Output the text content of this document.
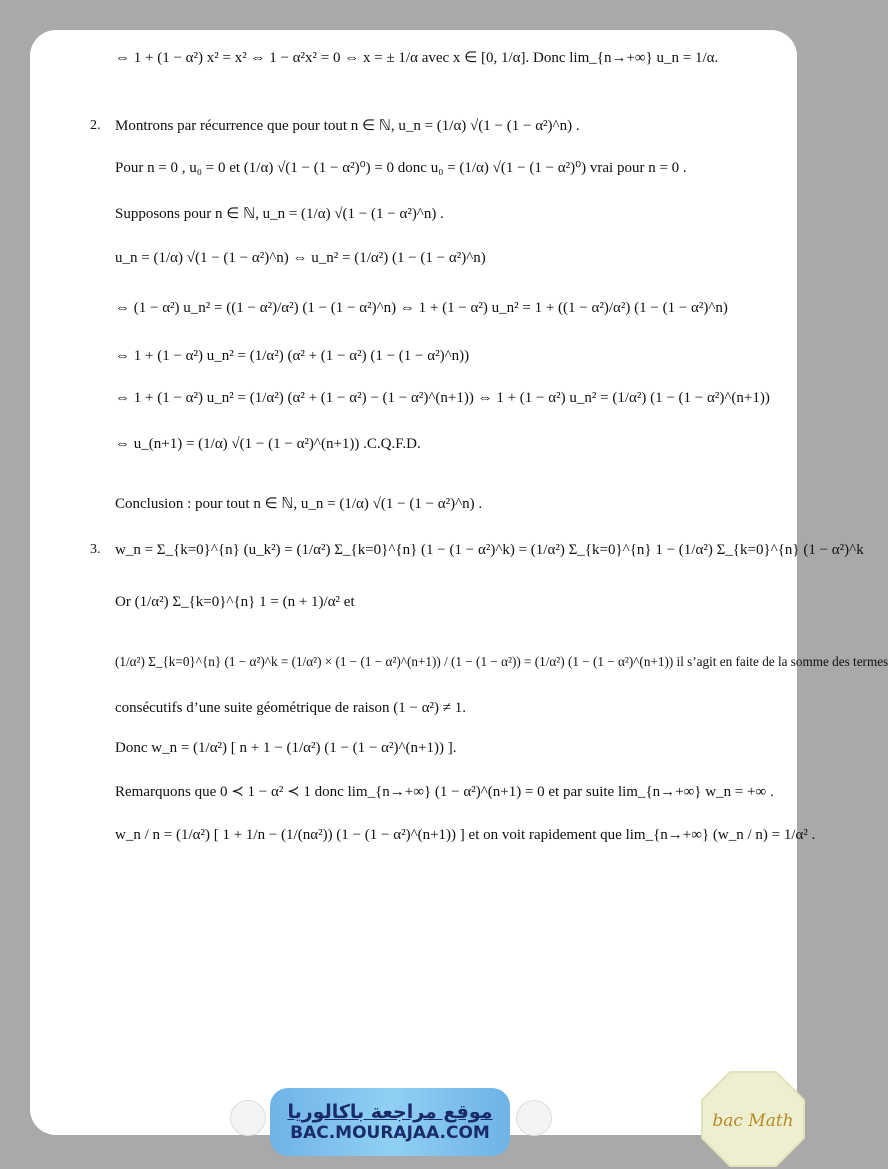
⇔ 1 + (1 − α²) x² = x² ⇔ 1 − α²x² = 0 ⇔ x = ± 1/α avec x ∈ [0, 1/α]. Donc lim_{n→+∞} u_n = 1/α.
2. Montrons par récurrence que pour tout n ∈ ℕ, u_n = (1/α) √(1 − (1 − α²)^n) .
Pour n = 0 , u₀ = 0 et (1/α) √(1 − (1 − α²)⁰) = 0 donc u₀ = (1/α) √(1 − (1 − α²)⁰) vrai pour n = 0 .
Supposons pour n ∈ ℕ, u_n = (1/α) √(1 − (1 − α²)^n) .
u_n = (1/α) √(1 − (1 − α²)^n) ⇔ u_n² = (1/α²) (1 − (1 − α²)^n)
⇔ (1 − α²) u_n² = ((1 − α²)/α²) (1 − (1 − α²)^n) ⇔ 1 + (1 − α²) u_n² = 1 + ((1 − α²)/α²) (1 − (1 − α²)^n)
⇔ 1 + (1 − α²) u_n² = (1/α²) (α² + (1 − α²) (1 − (1 − α²)^n))
⇔ 1 + (1 − α²) u_n² = (1/α²) (α² + (1 − α²) − (1 − α²)^(n+1)) ⇔ 1 + (1 − α²) u_n² = (1/α²) (1 − (1 − α²)^(n+1))
⇔ u_(n+1) = (1/α) √(1 − (1 − α²)^(n+1)) .C.Q.F.D.
Conclusion : pour tout n ∈ ℕ, u_n = (1/α) √(1 − (1 − α²)^n) .
3. w_n = Σ_{k=0}^{n} (u_k²) = (1/α²) Σ_{k=0}^{n} (1 − (1 − α²)^k) = (1/α²) Σ_{k=0}^{n} 1 − (1/α²) Σ_{k=0}^{n} (1 − α²)^k
Or (1/α²) Σ_{k=0}^{n} 1 = (n + 1)/α² et
(1/α²) Σ_{k=0}^{n} (1 − α²)^k = (1/α²) × (1 − (1 − α²)^(n+1)) / (1 − (1 − α²)) = (1/α²) (1 − (1 − α²)^(n+1)) il s’agit en faite de la somme des termes
consécutifs d’une suite géométrique de raison (1 − α²) ≠ 1.
Donc w_n = (1/α²) [ n + 1 − (1/α²) (1 − (1 − α²)^(n+1)) ].
Remarquons que 0 ≺ 1 − α² ≺ 1 donc lim_{n→+∞} (1 − α²)^(n+1) = 0 et par suite lim_{n→+∞} w_n = +∞ .
w_n / n = (1/α²) [ 1 + 1/n − (1/(nα²)) (1 − (1 − α²)^(n+1)) ] et on voit rapidement que lim_{n→+∞} (w_n / n) = 1/α² .
موقع مراجعة باكالوريا
BAC.MOURAJAA.COM
bac Math
